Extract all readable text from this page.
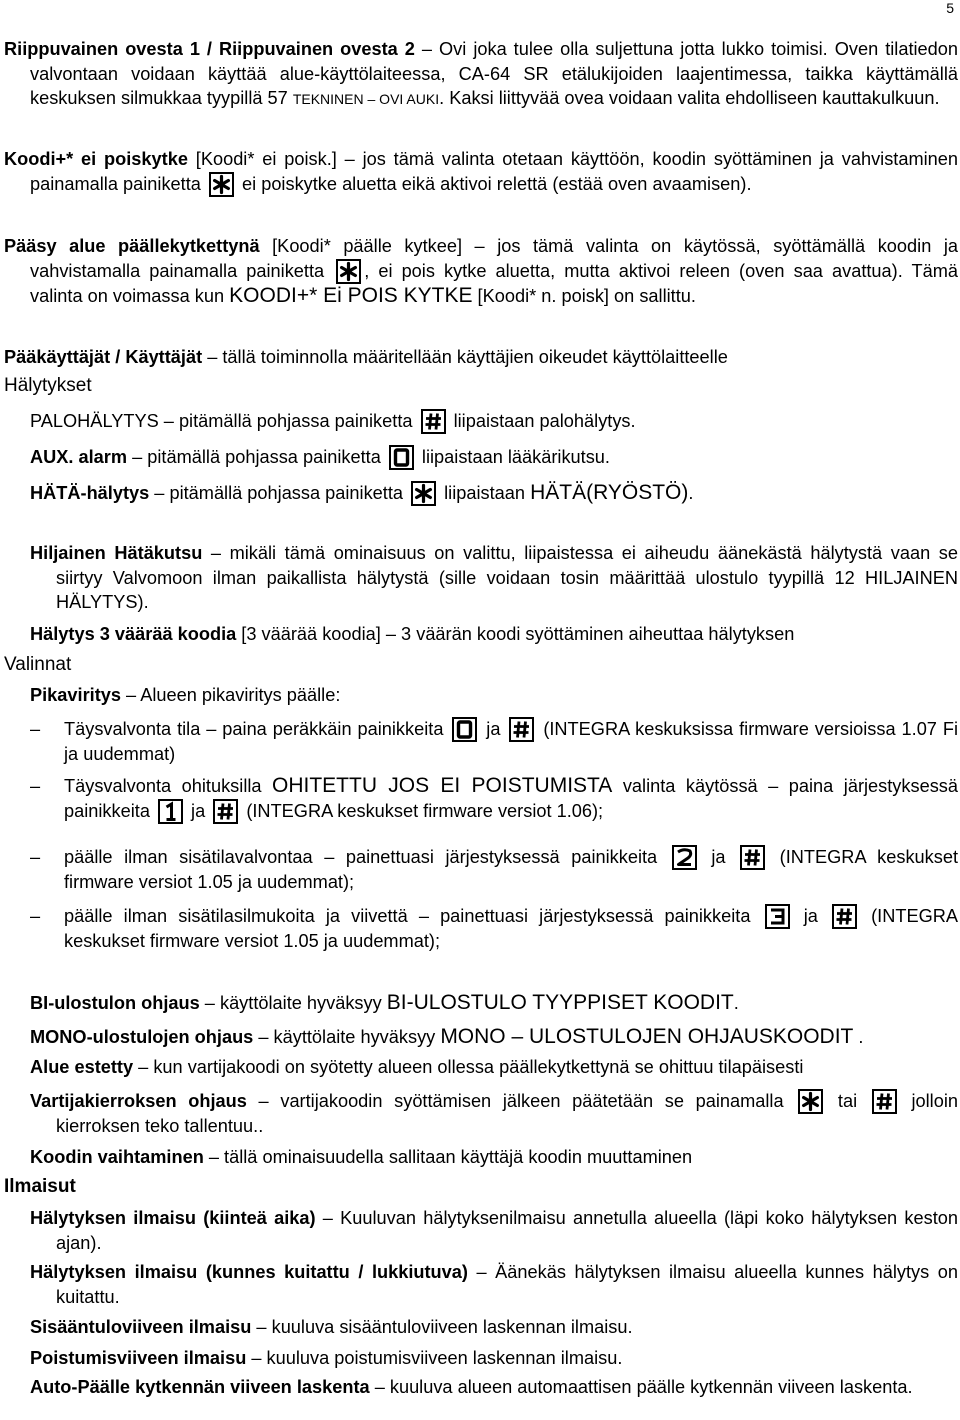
5
Riippuvainen ovesta 1 / Riippuvainen ovesta 2 – Ovi joka tulee olla suljettuna jotta lukko toimisi. Oven tilatiedon valvontaan voidaan käyttää alue-käyttölaiteessa, CA-64 SR etälukijoiden laajentimessa, taikka käyttämällä keskuksen silmukkaa tyypillä 57 TEKNINEN – OVI AUKI. Kaksi liittyvää ovea voidaan valita ehdolliseen kauttakulkuun.
Koodi+* ei poiskytke [Koodi* ei poisk.] – jos tämä valinta otetaan käyttöön, koodin syöttäminen ja vahvistaminen painamalla painiketta
ei poiskytke aluetta eikä aktivoi relettä (estää oven avaamisen).
Pääsy alue päällekytkettynä [Koodi* päälle kytkee] – jos tämä valinta on käytössä, syöttämällä koodin ja vahvistamalla painamalla painiketta
, ei pois kytke aluetta, mutta aktivoi releen (oven saa avattua). Tämä valinta on voimassa kun KOODI+* Ei POIS KYTKE [Koodi* n. poisk] on sallittu.
Pääkäyttäjät / Käyttäjät – tällä toiminnolla määritellään käyttäjien oikeudet käyttölaitteelle
Hälytykset
PALOHÄLYTYS – pitämällä pohjassa painiketta
liipaistaan palohälytys.
AUX. alarm – pitämällä pohjassa painiketta
liipaistaan lääkärikutsu.
HÄTÄ-hälytys – pitämällä pohjassa painiketta
liipaistaan HÄTÄ(RYÖSTÖ).
Hiljainen Hätäkutsu – mikäli tämä ominaisuus on valittu, liipaistessa ei aiheudu äänekästä hälytystä vaan se siirtyy Valvomoon ilman paikallista hälytystä (sille voidaan tosin määrittää ulostulo tyypillä 12 HILJAINEN HÄLYTYS).
Hälytys 3 väärää koodia [3 väärää koodia] – 3 väärän koodi syöttäminen aiheuttaa hälytyksen
Valinnat
Pikaviritys – Alueen pikaviritys päälle:
– Täysvalvonta tila – paina peräkkäin painikkeita
ja
(INTEGRA keskuksissa firmware versioissa 1.07 Fi ja uudemmat)
– Täysvalvonta ohituksilla OHITETTU JOS EI POISTUMISTA valinta käytössä – paina järjestyksessä painikkeita
ja
(INTEGRA keskukset firmware versiot 1.06);
– päälle ilman sisätilavalvontaa – painettuasi järjestyksessä painikkeita
ja
(INTEGRA keskukset firmware versiot 1.05 ja uudemmat);
– päälle ilman sisätilasilmukoita ja viivettä – painettuasi järjestyksessä painikkeita
ja
(INTEGRA keskukset firmware versiot 1.05 ja uudemmat);
BI-ulostulon ohjaus – käyttölaite hyväksyy BI-ULOSTULO TYYPPISET KOODIT.
MONO-ulostulojen ohjaus – käyttölaite hyväksyy MONO – ULOSTULOJEN OHJAUSKOODIT .
Alue estetty – kun vartijakoodi on syötetty alueen ollessa päällekytkettynä se ohittuu tilapäisesti
Vartijakierroksen ohjaus – vartijakoodin syöttämisen jälkeen päätetään se painamalla
tai
jolloin kierroksen teko tallentuu..
Koodin vaihtaminen – tällä ominaisuudella sallitaan käyttäjä koodin muuttaminen
Ilmaisut
Hälytyksen ilmaisu (kiinteä aika) – Kuuluvan hälytyksenilmaisu annetulla alueella (läpi koko hälytyksen keston ajan).
Hälytyksen ilmaisu (kunnes kuitattu / lukkiutuva) – Äänekäs hälytyksen ilmaisu alueella kunnes hälytys on kuitattu.
Sisääntuloviiveen ilmaisu – kuuluva sisääntuloviiveen laskennan ilmaisu.
Poistumisviiveen ilmaisu – kuuluva poistumisviiveen laskennan ilmaisu.
Auto-Päälle kytkennän viiveen laskenta – kuuluva alueen automaattisen päälle kytkennän viiveen laskenta.
